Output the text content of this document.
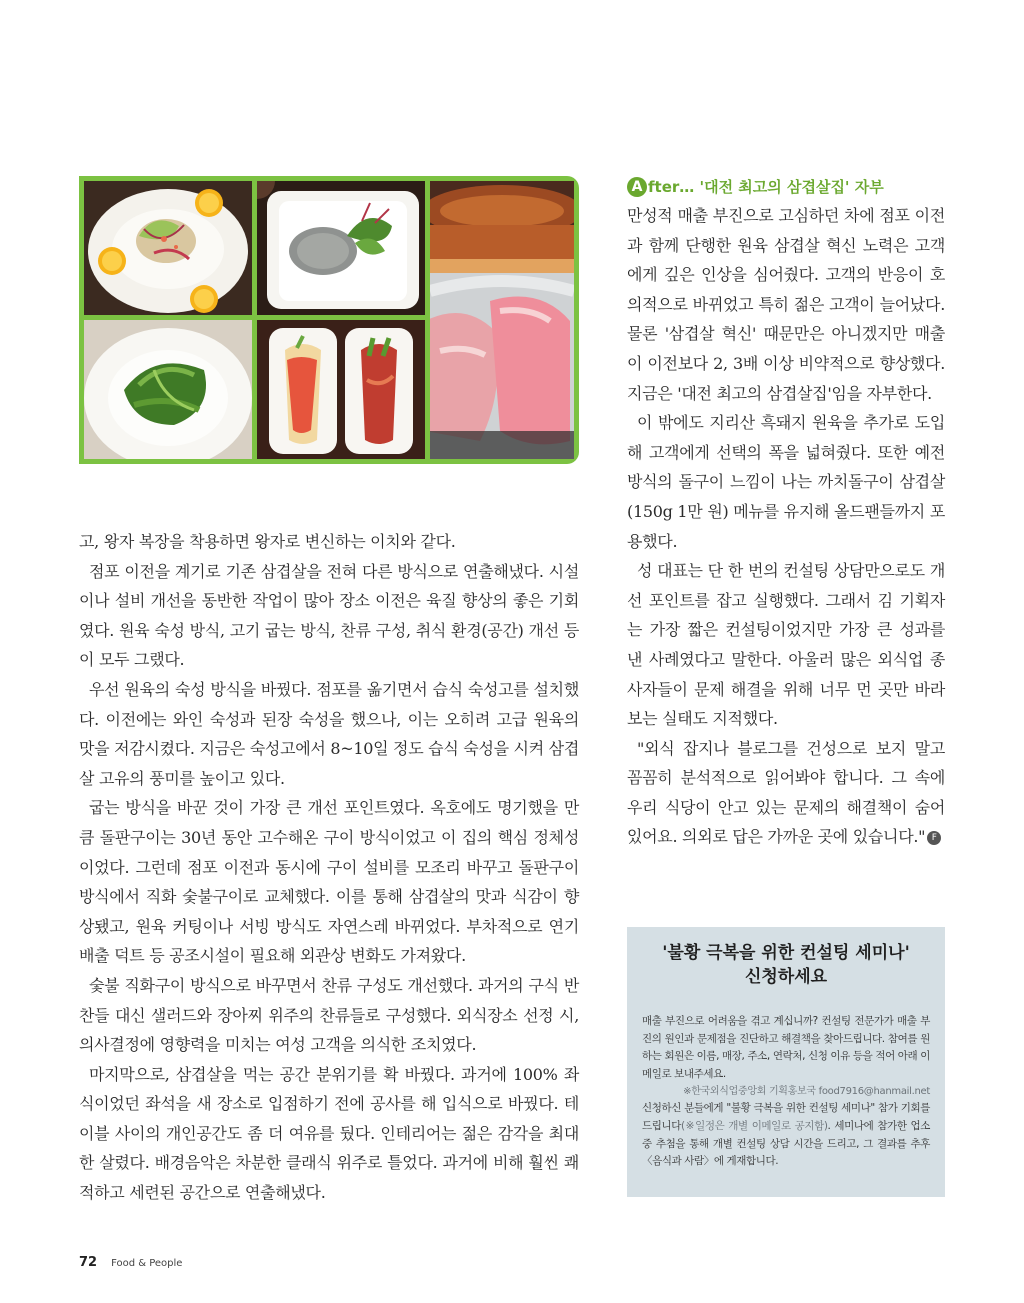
고, 왕자 복장을 착용하면 왕자로 변신하는 이치와 같다.

점포 이전을 계기로 기존 삼겹살을 전혀 다른 방식으로 연출해냈다. 시설이나 설비 개선을 동반한 작업이 많아 장소 이전은 육질 향상의 좋은 기회였다. 원육 숙성 방식, 고기 굽는 방식, 찬류 구성, 취식 환경(공간) 개선 등이 모두 그랬다.

우선 원육의 숙성 방식을 바꿨다. 점포를 옮기면서 습식 숙성고를 설치했다. 이전에는 와인 숙성과 된장 숙성을 했으나, 이는 오히려 고급 원육의 맛을 저감시켰다. 지금은 숙성고에서 8~10일 정도 습식 숙성을 시켜 삼겹살 고유의 풍미를 높이고 있다.

굽는 방식을 바꾼 것이 가장 큰 개선 포인트였다. 옥호에도 명기했을 만큼 돌판구이는 30년 동안 고수해온 구이 방식이었고 이 집의 핵심 정체성이었다. 그런데 점포 이전과 동시에 구이 설비를 모조리 바꾸고 돌판구이 방식에서 직화 숯불구이로 교체했다. 이를 통해 삼겹살의 맛과 식감이 향상됐고, 원육 커팅이나 서빙 방식도 자연스레 바뀌었다. 부차적으로 연기 배출 덕트 등 공조시설이 필요해 외관상 변화도 가져왔다.

숯불 직화구이 방식으로 바꾸면서 찬류 구성도 개선했다. 과거의 구식 반찬들 대신 샐러드와 장아찌 위주의 찬류들로 구성했다. 외식장소 선정 시, 의사결정에 영향력을 미치는 여성 고객을 의식한 조치였다.

마지막으로, 삼겹살을 먹는 공간 분위기를 확 바꿨다. 과거에 100% 좌식이었던 좌석을 새 장소로 입점하기 전에 공사를 해 입식으로 바꿨다. 테이블 사이의 개인공간도 좀 더 여유를 뒀다. 인테리어는 젊은 감각을 최대한 살렸다. 배경음악은 차분한 클래식 위주로 틀었다. 과거에 비해 훨씬 쾌적하고 세련된 공간으로 연출해냈다.

A fter… '대전 최고의 삼겹살집' 자부

만성적 매출 부진으로 고심하던 차에 점포 이전과 함께 단행한 원육 삼겹살 혁신 노력은 고객에게 깊은 인상을 심어줬다. 고객의 반응이 호의적으로 바뀌었고 특히 젊은 고객이 늘어났다. 물론 '삼겹살 혁신' 때문만은 아니겠지만 매출이 이전보다 2, 3배 이상 비약적으로 향상했다. 지금은 '대전 최고의 삼겹살집'임을 자부한다.

이 밖에도 지리산 흑돼지 원육을 추가로 도입해 고객에게 선택의 폭을 넓혀줬다. 또한 예전 방식의 돌구이 느낌이 나는 까치돌구이 삼겹살(150g 1만 원) 메뉴를 유지해 올드팬들까지 포용했다.

성 대표는 단 한 번의 컨설팅 상담만으로도 개선 포인트를 잡고 실행했다. 그래서 김 기획자는 가장 짧은 컨설팅이었지만 가장 큰 성과를 낸 사례였다고 말한다. 아울러 많은 외식업 종사자들이 문제 해결을 위해 너무 먼 곳만 바라보는 실태도 지적했다.

"외식 잡지나 블로그를 건성으로 보지 말고 꼼꼼히 분석적으로 읽어봐야 합니다. 그 속에 우리 식당이 안고 있는 문제의 해결책이 숨어 있어요. 의외로 답은 가까운 곳에 있습니다." F

'불황 극복을 위한 컨설팅 세미나'
신청하세요

매출 부진으로 어려움을 겪고 계십니까? 컨설팅 전문가가 매출 부진의 원인과 문제점을 진단하고 해결책을 찾아드립니다. 참여를 원하는 회원은 이름, 매장, 주소, 연락처, 신청 이유 등을 적어 아래 이메일로 보내주세요.

※한국외식업중앙회 기획홍보국 food7916@hanmail.net

신청하신 분들에게 "불황 극복을 위한 컨설팅 세미나" 참가 기회를 드립니다(※일정은 개별 이메일로 공지함). 세미나에 참가한 업소 중 추첨을 통해 개별 컨설팅 상담 시간을 드리고, 그 결과를 추후 〈음식과 사람〉에 게재합니다.

72 Food & People
